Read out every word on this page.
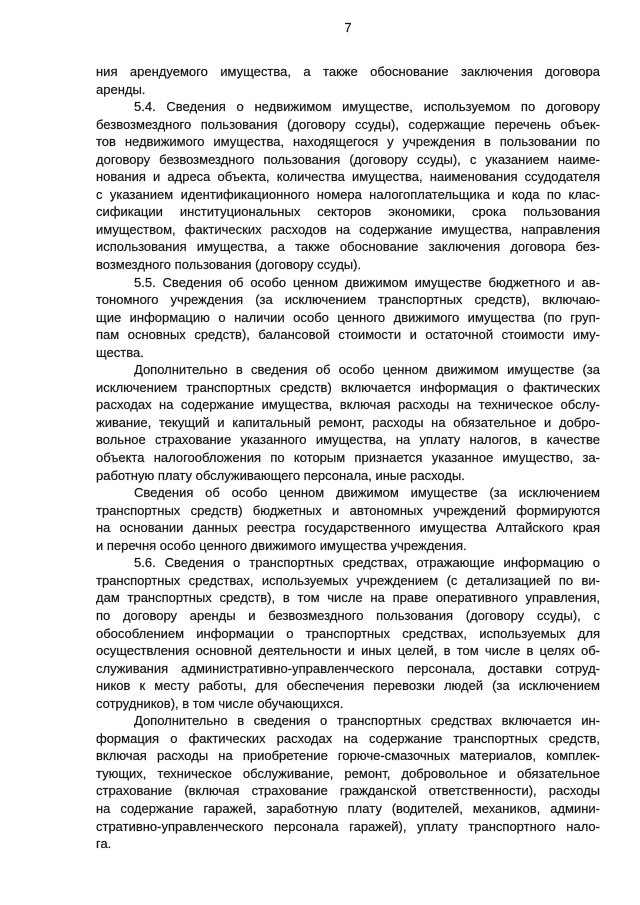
7
ния арендуемого имущества, а также обоснование заключения договора
аренды.
5.4. Сведения о недвижимом имуществе, используемом по договору
безвозмездного пользования (договору ссуды), содержащие перечень объек-
тов недвижимого имущества, находящегося у учреждения в пользовании по
договору безвозмездного пользования (договору ссуды), с указанием наиме-
нования и адреса объекта, количества имущества, наименования ссудодателя
с указанием идентификационного номера налогоплательщика и кода по клас-
сификации институциональных секторов экономики, срока пользования
имуществом, фактических расходов на содержание имущества, направления
использования имущества, а также обоснование заключения договора без-
возмездного пользования (договору ссуды).
5.5. Сведения об особо ценном движимом имуществе бюджетного и ав-
тономного учреждения (за исключением транспортных средств), включаю-
щие информацию о наличии особо ценного движимого имущества (по груп-
пам основных средств), балансовой стоимости и остаточной стоимости иму-
щества.
Дополнительно в сведения об особо ценном движимом имуществе (за
исключением транспортных средств) включается информация о фактических
расходах на содержание имущества, включая расходы на техническое обслу-
живание, текущий и капитальный ремонт, расходы на обязательное и добро-
вольное страхование указанного имущества, на уплату налогов, в качестве
объекта налогообложения по которым признается указанное имущество, за-
работную плату обслуживающего персонала, иные расходы.
Сведения об особо ценном движимом имуществе (за исключением
транспортных средств) бюджетных и автономных учреждений формируются
на основании данных реестра государственного имущества Алтайского края
и перечня особо ценного движимого имущества учреждения.
5.6. Сведения о транспортных средствах, отражающие информацию о
транспортных средствах, используемых учреждением (с детализацией по ви-
дам транспортных средств), в том числе на праве оперативного управления,
по договору аренды и безвозмездного пользования (договору ссуды), с
обособлением информации о транспортных средствах, используемых для
осуществления основной деятельности и иных целей, в том числе в целях об-
служивания административно-управленческого персонала, доставки сотруд-
ников к месту работы, для обеспечения перевозки людей (за исключением
сотрудников), в том числе обучающихся.
Дополнительно в сведения о транспортных средствах включается ин-
формация о фактических расходах на содержание транспортных средств,
включая расходы на приобретение горюче-смазочных материалов, комплек-
тующих, техническое обслуживание, ремонт, добровольное и обязательное
страхование (включая страхование гражданской ответственности), расходы
на содержание гаражей, заработную плату (водителей, механиков, админи-
стративно-управленческого персонала гаражей), уплату транспортного нало-
га.
